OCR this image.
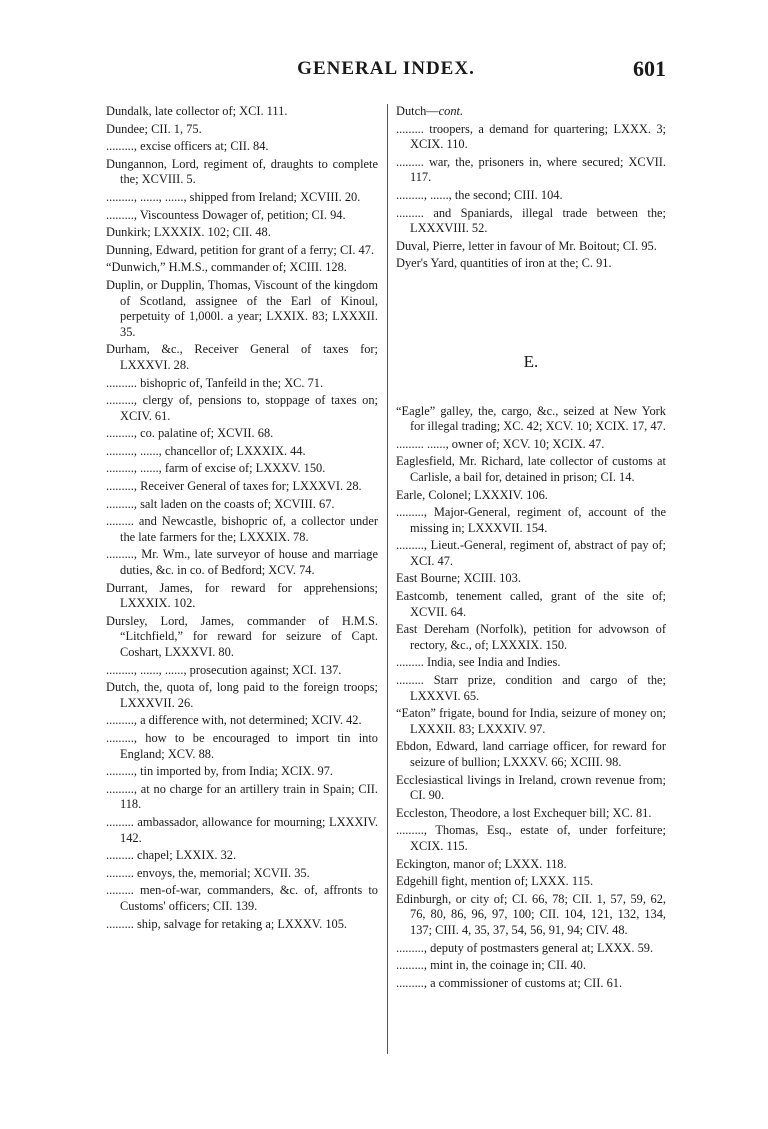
GENERAL INDEX.	601

Dundalk, late collector of; XCI. 111.

Dundee; CII. 1, 75.

........., excise officers at; CII. 84.

Dungannon, Lord, regiment of, draughts to complete the; XCVIII. 5.

........., ......, ......, shipped from Ireland; XCVIII. 20.

........., Viscountess Dowager of, petition; CI. 94.

Dunkirk; LXXXIX. 102; CII. 48.

Dunning, Edward, petition for grant of a ferry; CI. 47.

“Dunwich,” H.M.S., commander of; XCIII. 128.

Duplin, or Dupplin, Thomas, Viscount of the kingdom of Scotland, assignee of the Earl of Kinoul, perpetuity of 1,000l. a year; LXXIX. 83; LXXXII. 35.

Durham, &c., Receiver General of taxes for; LXXXVI. 28.

.......... bishopric of, Tanfeild in the; XC. 71.

........., clergy of, pensions to, stoppage of taxes on; XCIV. 61.

........., co. palatine of; XCVII. 68.

........., ......, chancellor of; LXXXIX. 44.

........., ......, farm of excise of; LXXXV. 150.

........., Receiver General of taxes for; LXXXVI. 28.

........., salt laden on the coasts of; XCVIII. 67.

......... and Newcastle, bishopric of, a collector under the late farmers for the; LXXXIX. 78.

........., Mr. Wm., late surveyor of house and marriage duties, &c. in co. of Bedford; XCV. 74.

Durrant, James, for reward for apprehensions; LXXXIX. 102.

Dursley, Lord, James, commander of H.M.S. “Litchfield,” for reward for seizure of Capt. Coshart, LXXXVI. 80.

........., ......, ......, prosecution against; XCI. 137.

Dutch, the, quota of, long paid to the foreign troops; LXXXVII. 26.

........., a difference with, not determined; XCIV. 42.

........., how to be encouraged to import tin into England; XCV. 88.

........., tin imported by, from India; XCIX. 97.

........., at no charge for an artillery train in Spain; CII. 118.

......... ambassador, allowance for mourning; LXXXIV. 142.

......... chapel; LXXIX. 32.

......... envoys, the, memorial; XCVII. 35.

......... men-of-war, commanders, &c. of, affronts to Customs' officers; CII. 139.

......... ship, salvage for retaking a; LXXXV. 105.

Dutch—cont.

......... troopers, a demand for quartering; LXXX. 3; XCIX. 110.

......... war, the, prisoners in, where secured; XCVII. 117.

........., ......, the second; CIII. 104.

......... and Spaniards, illegal trade between the; LXXXVIII. 52.

Duval, Pierre, letter in favour of Mr. Boitout; CI. 95.

Dyer's Yard, quantities of iron at the; C. 91.

E.

“Eagle” galley, the, cargo, &c., seized at New York for illegal trading; XC. 42; XCV. 10; XCIX. 17, 47.

......... ......, owner of; XCV. 10; XCIX. 47.

Eaglesfield, Mr. Richard, late collector of customs at Carlisle, a bail for, detained in prison; CI. 14.

Earle, Colonel; LXXXIV. 106.

........., Major-General, regiment of, account of the missing in; LXXXVII. 154.

........., Lieut.-General, regiment of, abstract of pay of; XCI. 47.

East Bourne; XCIII. 103.

Eastcomb, tenement called, grant of the site of; XCVII. 64.

East Dereham (Norfolk), petition for advowson of rectory, &c., of; LXXXIX. 150.

......... India, see India and Indies.

......... Starr prize, condition and cargo of the; LXXXVI. 65.

“Eaton” frigate, bound for India, seizure of money on; LXXXII. 83; LXXXIV. 97.

Ebdon, Edward, land carriage officer, for reward for seizure of bullion; LXXXV. 66; XCIII. 98.

Ecclesiastical livings in Ireland, crown revenue from; CI. 90.

Eccleston, Theodore, a lost Exchequer bill; XC. 81.

........., Thomas, Esq., estate of, under forfeiture; XCIX. 115.

Eckington, manor of; LXXX. 118.

Edgehill fight, mention of; LXXX. 115.

Edinburgh, or city of; CI. 66, 78; CII. 1, 57, 59, 62, 76, 80, 86, 96, 97, 100; CII. 104, 121, 132, 134, 137; CIII. 4, 35, 37, 54, 56, 91, 94; CIV. 48.

........., deputy of postmasters general at; LXXX. 59.

........., mint in, the coinage in; CII. 40.

........., a commissioner of customs at; CII. 61.
